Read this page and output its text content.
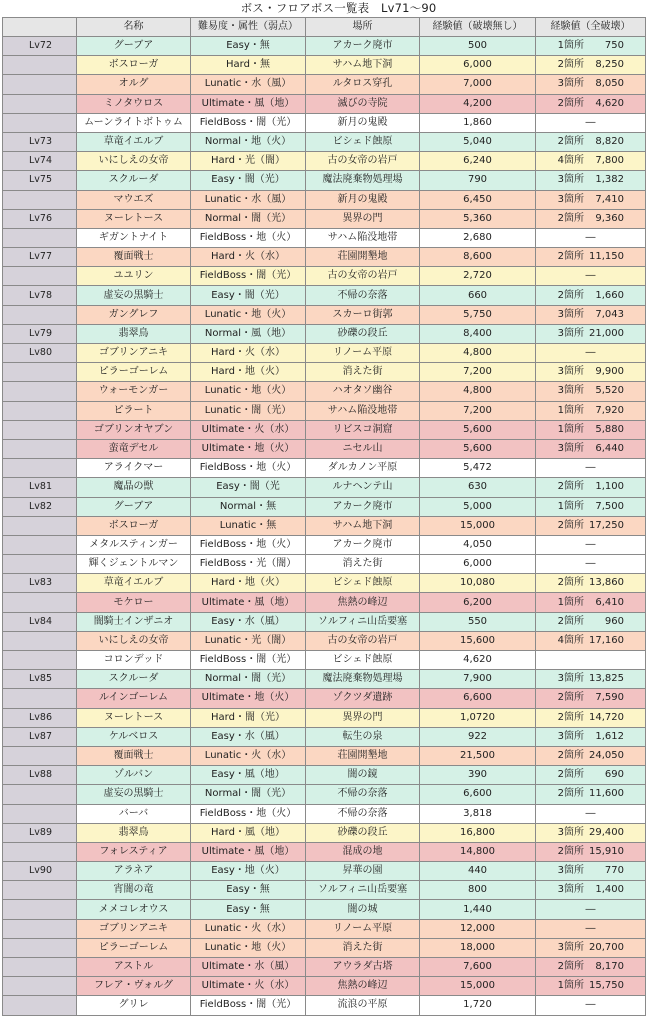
ボス・フロアボス一覧表　Lv71〜90
	名称	難易度・属性（弱点）	場所	経験値（破壊無し）	経験値（全破壊）
Lv72	グーブア	Easy・無	アカーク廃市	500	1箇所 750
	ボスローガ	Hard・無	サハム地下洞	6,000	2箇所 8,250
	オルグ	Lunatic・水（風）	ルタロス穿孔	7,000	3箇所 8,050
	ミノタウロス	Ultimate・風（地）	滅びの寺院	4,200	2箇所 4,620
	ムーンライトボトゥム	FieldBoss・闇（光）	新月の鬼殿	1,860	―
Lv73	草竜イエルブ	Normal・地（火）	ビシェド蝕原	5,040	2箇所 8,820
Lv74	いにしえの女帝	Hard・光（闇）	古の女帝の岩戸	6,240	4箇所 7,800
Lv75	スクルーダ	Easy・闇（光）	魔法廃棄物処理場	790	3箇所 1,382
	マウエズ	Lunatic・水（風）	新月の鬼殿	6,450	3箇所 7,410
Lv76	ヌーレトース	Normal・闇（光）	異界の門	5,360	2箇所 9,360
	ギガントナイト	FieldBoss・地（火）	サハム陥没地帯	2,680	―
Lv77	覆面戦士	Hard・火（水）	荘園開墾地	8,600	2箇所 11,150
	ユユリン	FieldBoss・闇（光）	古の女帝の岩戸	2,720	―
Lv78	虚妄の黒騎士	Easy・闇（光）	不帰の奈落	660	2箇所 1,660
	ガングレフ	Lunatic・地（火）	スカーロ街郭	5,750	3箇所 7,043
Lv79	翡翠鳥	Normal・風（地）	砂礫の段丘	8,400	3箇所 21,000
Lv80	ゴブリンアニキ	Hard・火（水）	リノーム平原	4,800	―
	ピラーゴーレム	Hard・地（火）	消えた街	7,200	3箇所 9,900
	ウォーモンガー	Lunatic・地（火）	ハオタソ幽谷	4,800	3箇所 5,520
	ピラート	Lunatic・闇（光）	サハム陥没地帯	7,200	1箇所 7,920
	ゴブリンオヤブン	Ultimate・火（水）	リビスコ洞窟	5,600	1箇所 5,880
	蛮竜デセル	Ultimate・地（火）	ニセル山	5,600	3箇所 6,440
	アライクマー	FieldBoss・地（火）	ダルカノン平原	5,472	―
Lv81	魔晶の獣	Easy・闇（光	ルナヘンテ山	630	2箇所 1,100
Lv82	グーブア	Normal・無	アカーク廃市	5,000	1箇所 7,500
	ボスローガ	Lunatic・無	サハム地下洞	15,000	2箇所 17,250
	メタルスティンガー	FieldBoss・地（火）	アカーク廃市	4,050	―
	輝くジェントルマン	FieldBoss・光（闇）	消えた街	6,000	―
Lv83	草竜イエルブ	Hard・地（火）	ビシェド蝕原	10,080	2箇所 13,860
	モケロー	Ultimate・風（地）	焦熱の峰辺	6,200	1箇所 6,410
Lv84	闇騎士インザニオ	Easy・水（風）	ソルフィニ山岳要塞	550	2箇所 960
	いにしえの女帝	Lunatic・光（闇）	古の女帝の岩戸	15,600	4箇所 17,160
	コロンデッド	FieldBoss・闇（光）	ビシェド蝕原	4,620	
Lv85	スクルーダ	Normal・闇（光）	魔法廃棄物処理場	7,900	3箇所 13,825
	ルインゴーレム	Ultimate・地（火）	ゾクツダ遺跡	6,600	2箇所 7,590
Lv86	ヌーレトース	Hard・闇（光）	異界の門	1,0720	2箇所 14,720
Lv87	ケルベロス	Easy・水（風）	転生の泉	922	3箇所 1,612
	覆面戦士	Lunatic・火（水）	荘園開墾地	21,500	2箇所 24,050
Lv88	ゾルバン	Easy・風（地）	闇の鏡	390	2箇所 690
	虚妄の黒騎士	Normal・闇（光）	不帰の奈落	6,600	2箇所 11,600
	バーバ	FieldBoss・地（火）	不帰の奈落	3,818	―
Lv89	翡翠鳥	Hard・風（地）	砂礫の段丘	16,800	3箇所 29,400
	フォレスティア	Ultimate・風（地）	混成の地	14,800	2箇所 15,910
Lv90	アラネア	Easy・地（火）	昇華の園	440	3箇所 770
	宵闇の竜	Easy・無	ソルフィニ山岳要塞	800	3箇所 1,400
	メメコレオウス	Easy・無	闇の城	1,440	―
	ゴブリンアニキ	Lunatic・火（水）	リノーム平原	12,000	―
	ピラーゴーレム	Lunatic・地（火）	消えた街	18,000	3箇所 20,700
	アストル	Ultimate・水（風）	アウラダ古塔	7,600	2箇所 8,170
	フレア・ヴォルグ	Ultimate・火（水）	焦熱の峰辺	15,000	1箇所 15,750
	グリレ	FieldBoss・闇（光）	流浪の平原	1,720	―
